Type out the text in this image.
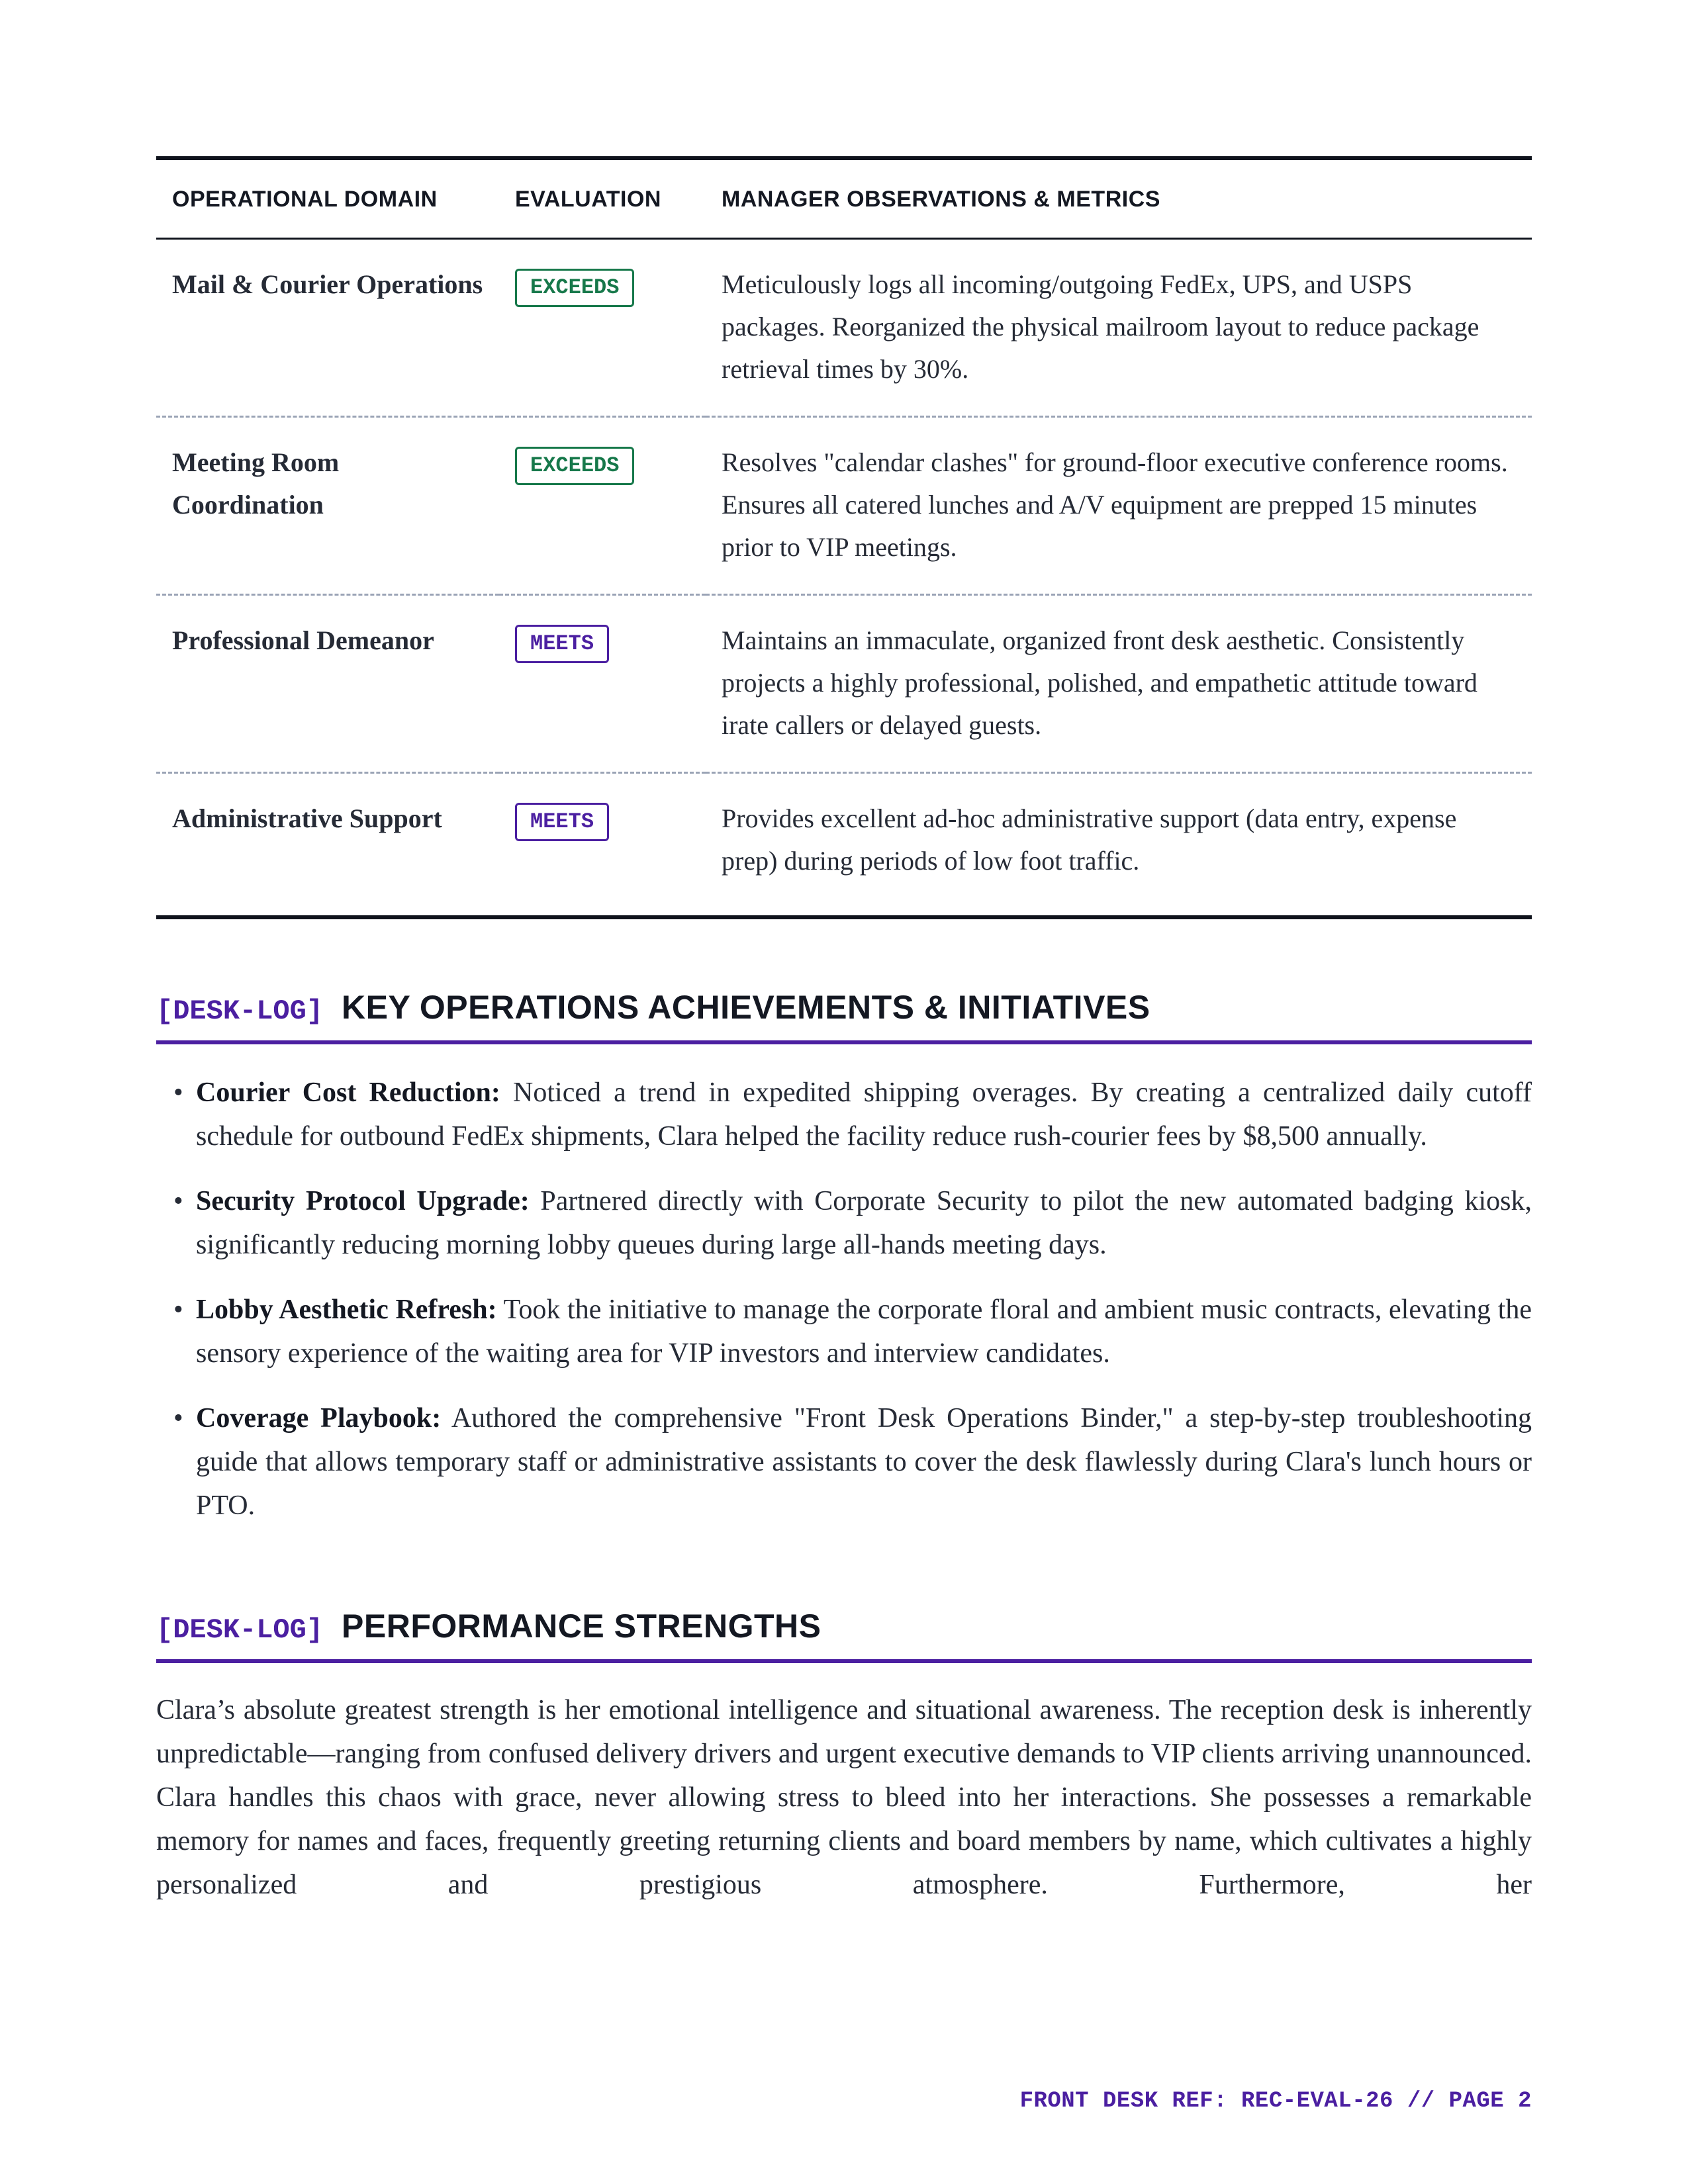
OPERATIONAL DOMAIN	EVALUATION	MANAGER OBSERVATIONS & METRICS
Mail & Courier Operations	EXCEEDS	Meticulously logs all incoming/outgoing FedEx, UPS, and USPS packages. Reorganized the physical mailroom layout to reduce package retrieval times by 30%.
Meeting Room Coordination	EXCEEDS	Resolves "calendar clashes" for ground-floor executive conference rooms. Ensures all catered lunches and A/V equipment are prepped 15 minutes prior to VIP meetings.
Professional Demeanor	MEETS	Maintains an immaculate, organized front desk aesthetic. Consistently projects a highly professional, polished, and empathetic attitude toward irate callers or delayed guests.
Administrative Support	MEETS	Provides excellent ad-hoc administrative support (data entry, expense prep) during periods of low foot traffic.
[DESK-LOG] KEY OPERATIONS ACHIEVEMENTS & INITIATIVES
• Courier Cost Reduction: Noticed a trend in expedited shipping overages. By creating a centralized daily cutoff schedule for outbound FedEx shipments, Clara helped the facility reduce rush-courier fees by $8,500 annually.
• Security Protocol Upgrade: Partnered directly with Corporate Security to pilot the new automated badging kiosk, significantly reducing morning lobby queues during large all-hands meeting days.
• Lobby Aesthetic Refresh: Took the initiative to manage the corporate floral and ambient music contracts, elevating the sensory experience of the waiting area for VIP investors and interview candidates.
• Coverage Playbook: Authored the comprehensive "Front Desk Operations Binder," a step-by-step troubleshooting guide that allows temporary staff or administrative assistants to cover the desk flawlessly during Clara's lunch hours or PTO.
[DESK-LOG] PERFORMANCE STRENGTHS

Clara’s absolute greatest strength is her emotional intelligence and situational awareness. The reception desk is inherently unpredictable—ranging from confused delivery drivers and urgent executive demands to VIP clients arriving unannounced. Clara handles this chaos with grace, never allowing stress to bleed into her interactions. She possesses a remarkable memory for names and faces, frequently greeting returning clients and board members by name, which cultivates a highly personalized and prestigious atmosphere. Furthermore, her

FRONT DESK REF: REC-EVAL-26 // PAGE 2
